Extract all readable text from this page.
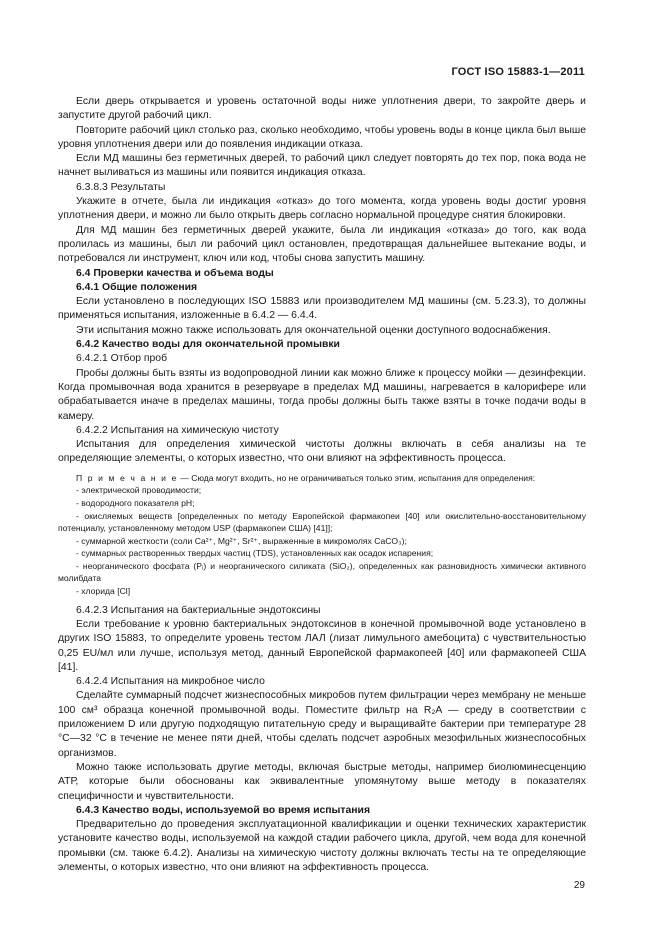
ГОСТ ISO 15883-1—2011

Если дверь открывается и уровень остаточной воды ниже уплотнения двери, то закройте дверь и запустите другой рабочий цикл.

Повторите рабочий цикл столько раз, сколько необходимо, чтобы уровень воды в конце цикла был выше уровня уплотнения двери или до появления индикации отказа.

Если МД машины без герметичных дверей, то рабочий цикл следует повторять до тех пор, пока вода не начнет выливаться из машины или появится индикация отказа.

6.3.8.3 Результаты

Укажите в отчете, была ли индикация «отказ» до того момента, когда уровень воды достиг уровня уплотнения двери, и можно ли было открыть дверь согласно нормальной процедуре снятия блокировки.

Для МД машин без герметичных дверей укажите, была ли индикация «отказа» до того, как вода пролилась из машины, был ли рабочий цикл остановлен, предотвращая дальнейшее вытекание воды, и потребовался ли инструмент, ключ или код, чтобы снова запустить машину.

6.4 Проверки качества и объема воды
6.4.1 Общие положения

Если установлено в последующих ISO 15883 или производителем МД машины (см. 5.23.3), то должны применяться испытания, изложенные в 6.4.2 — 6.4.4.

Эти испытания можно также использовать для окончательной оценки доступного водоснабжения.

6.4.2 Качество воды для окончательной промывки
6.4.2.1 Отбор проб

Пробы должны быть взяты из водопроводной линии как можно ближе к процессу мойки — дезинфекции. Когда промывочная вода хранится в резервуаре в пределах МД машины, нагревается в калорифере или обрабатывается иначе в пределах машины, тогда пробы должны быть также взяты в точке подачи воды в камеру.

6.4.2.2 Испытания на химическую чистоту

Испытания для определения химической чистоты должны включать в себя анализы на те определяющие элементы, о которых известно, что они влияют на эффективность процесса.

П р и м е ч а н и е — Сюда могут входить, но не ограничиваться только этим, испытания для определения:

- электрической проводимости;

- водородного показателя pH;

- окисляемых веществ [определенных по методу Европейской фармакопеи [40] или окислительно-восстановительному потенциалу, установленному методом USP (фармакопеи США) [41]];

- суммарной жесткости (соли Ca²⁺, Mg²⁺, Sr²⁺, выраженные в микромолях CaCO₃);

- суммарных растворенных твердых частиц (TDS), установленных как осадок испарения;

- неорганического фосфата (Pᵢ) и неорганического силиката (SiO₂), определенных как разновидность химически активного молибдата

- хлорида [Cl]

6.4.2.3 Испытания на бактериальные эндотоксины

Если требование к уровню бактериальных эндотоксинов в конечной промывочной воде установлено в других ISO 15883, то определите уровень тестом ЛАЛ (лизат лимульного амебоцита) с чувствительностью 0,25 EU/мл или лучше, используя метод, данный Европейской фармакопеей [40] или фармакопеей США [41].

6.4.2.4 Испытания на микробное число

Сделайте суммарный подсчет жизнеспособных микробов путем фильтрации через мембрану не меньше 100 см³ образца конечной промывочной воды. Поместите фильтр на R₂A — среду в соответствии с приложением D или другую подходящую питательную среду и выращивайте бактерии при температуре 28 °С—32 °С в течение не менее пяти дней, чтобы сделать подсчет аэробных мезофильных жизнеспособных организмов.

Можно также использовать другие методы, включая быстрые методы, например биолюминесценцию АТР, которые были обоснованы как эквивалентные упомянутому выше методу в показателях специфичности и чувствительности.

6.4.3 Качество воды, используемой во время испытания

Предварительно до проведения эксплуатационной квалификации и оценки технических характеристик установите качество воды, используемой на каждой стадии рабочего цикла, другой, чем вода для конечной промывки (см. также 6.4.2). Анализы на химическую чистоту должны включать тесты на те определяющие элементы, о которых известно, что они влияют на эффективность процесса.

29
